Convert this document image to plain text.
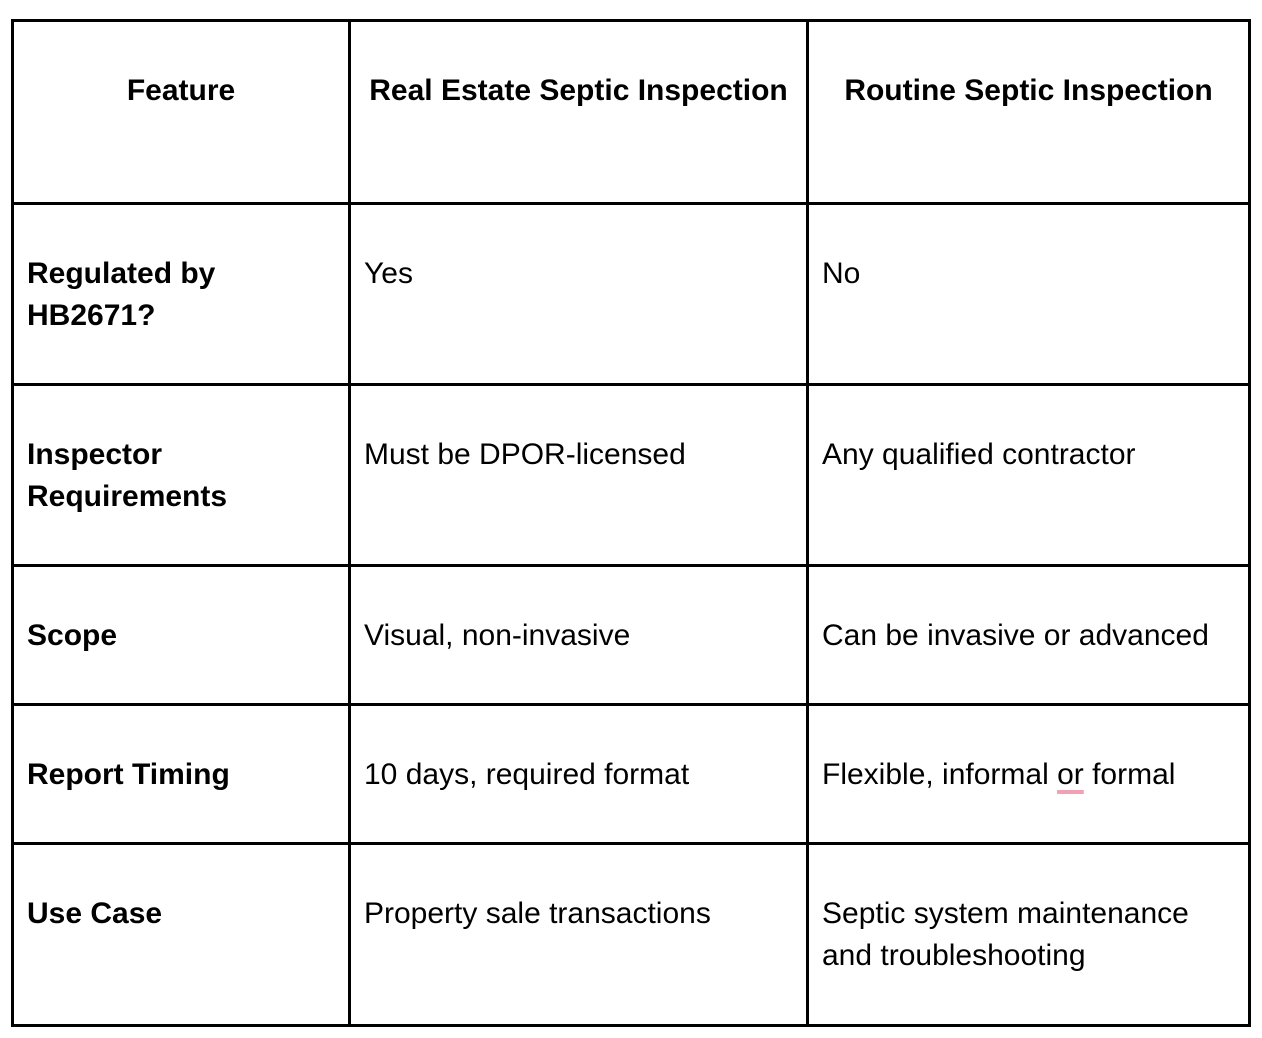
Feature	Real Estate Septic Inspection	Routine Septic Inspection

Regulated by HB2671?	Yes	No

Inspector Requirements	Must be DPOR-licensed	Any qualified contractor

Scope	Visual, non-invasive	Can be invasive or advanced

Report Timing	10 days, required format	Flexible, informal or formal

Use Case	Property sale transactions	Septic system maintenance and troubleshooting
